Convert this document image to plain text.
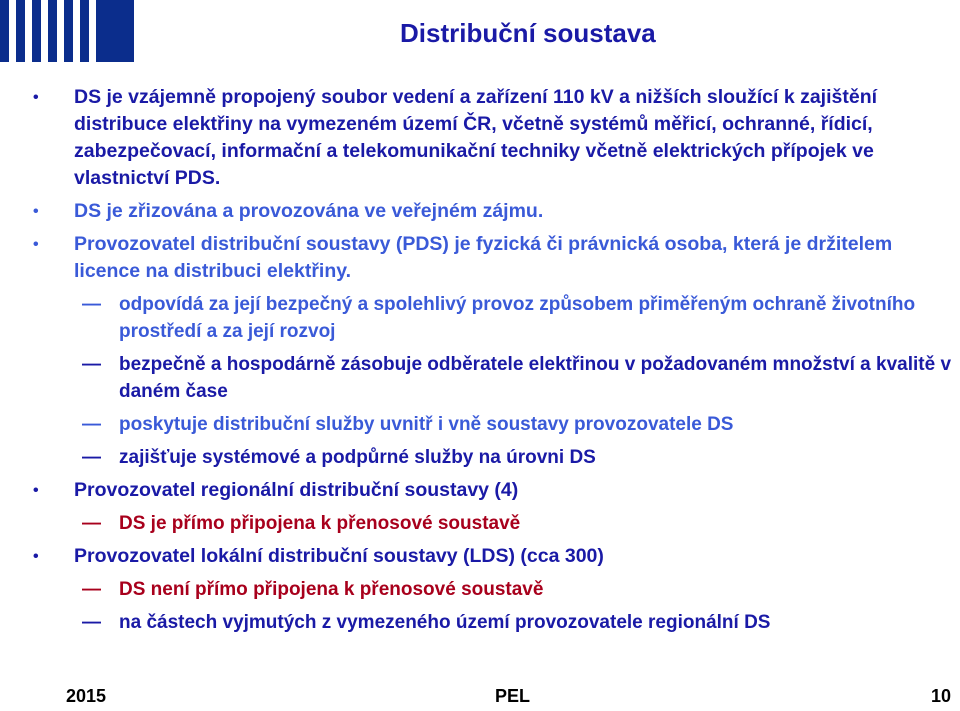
Distribuční soustava
• DS je vzájemně propojený soubor vedení a zařízení 110 kV a nižších sloužící k zajištění distribuce elektřiny na vymezeném území ČR, včetně systémů měřicí, ochranné, řídicí, zabezpečovací, informační a telekomunikační techniky včetně elektrických přípojek ve vlastnictví PDS.
• DS je zřizována a provozována ve veřejném zájmu.
• Provozovatel distribuční soustavy (PDS) je fyzická či právnická osoba, která je držitelem licence na distribuci elektřiny.
— odpovídá za její bezpečný a spolehlivý provoz způsobem přiměřeným ochraně životního prostředí a za její rozvoj
— bezpečně a hospodárně zásobuje odběratele elektřinou v požadovaném množství a kvalitě v daném čase
— poskytuje distribuční služby uvnitř i vně soustavy provozovatele DS
— zajišťuje systémové a podpůrné služby na úrovni DS
• Provozovatel regionální distribuční soustavy (4)
— DS je přímo připojena k přenosové soustavě
• Provozovatel lokální distribuční soustavy (LDS) (cca 300)
— DS není přímo připojena k přenosové soustavě
— na částech vyjmutých z vymezeného území provozovatele regionální DS
2015	PEL	10
